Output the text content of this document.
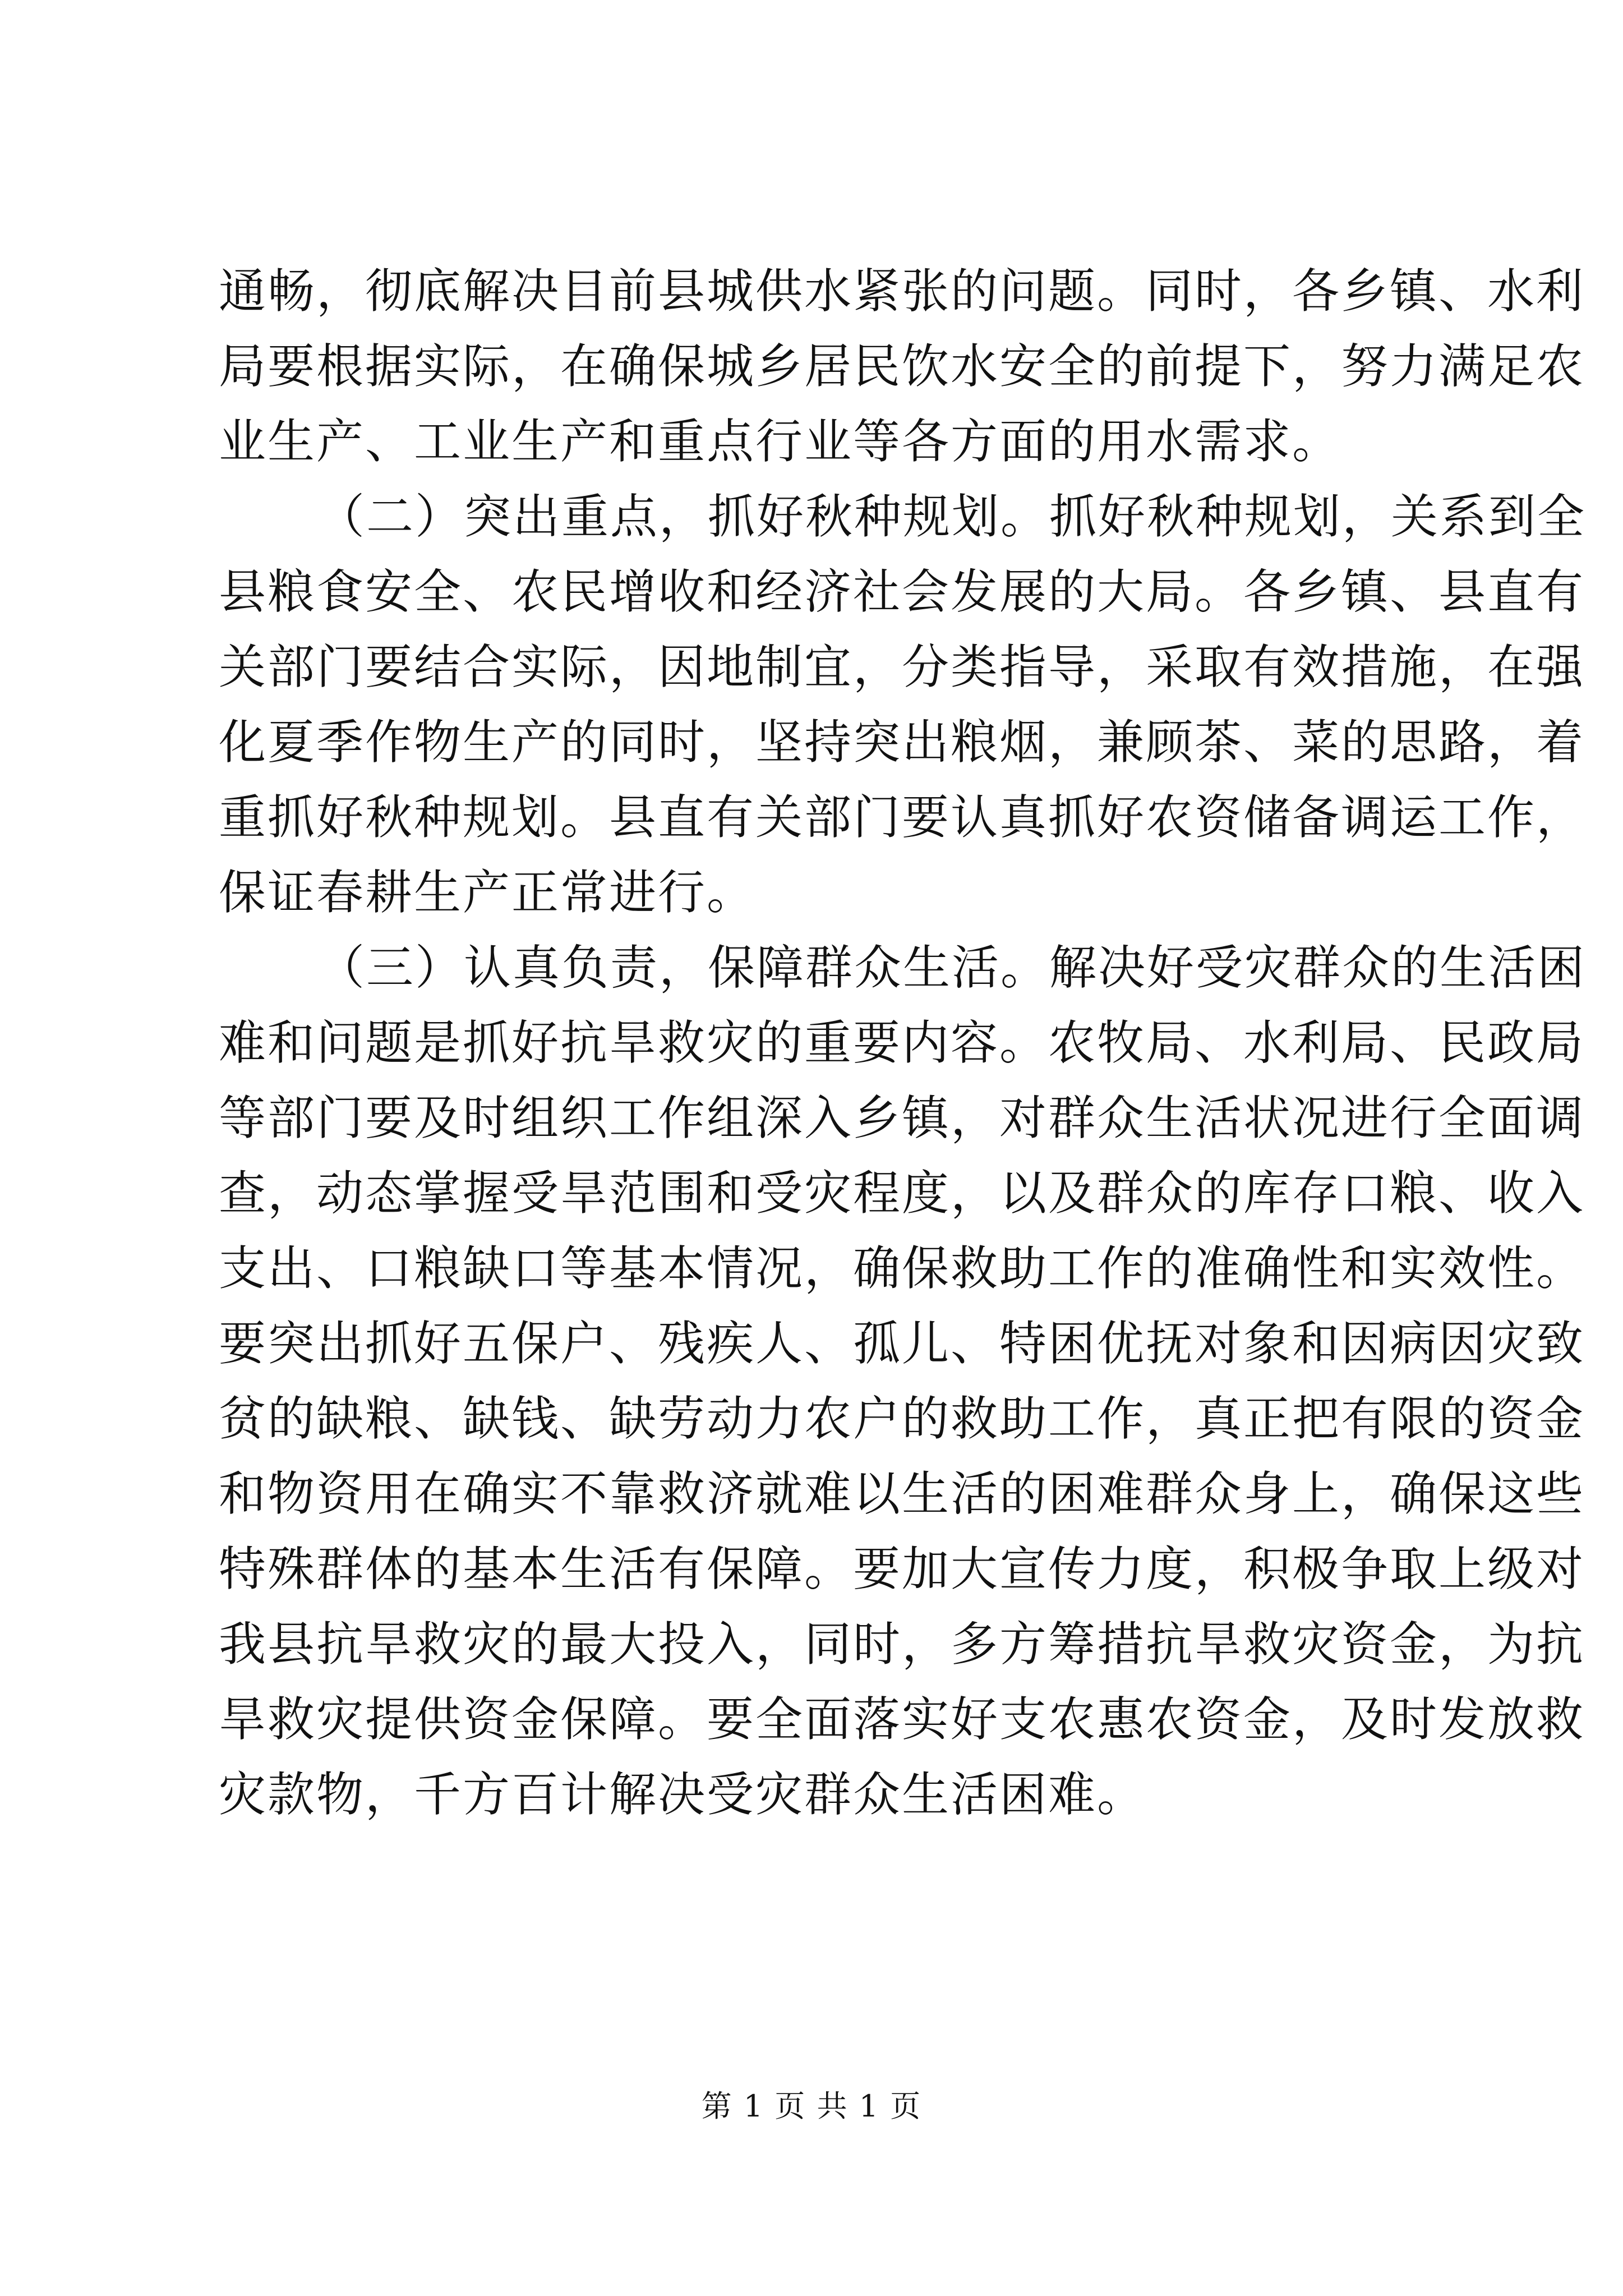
通畅，彻底解决目前县城供水紧张的问题。同时，各乡镇、水利
局要根据实际，在确保城乡居民饮水安全的前提下，努力满足农
业生产、工业生产和重点行业等各方面的用水需求。

（二）突出重点，抓好秋种规划。抓好秋种规划，关系到全
县粮食安全、农民增收和经济社会发展的大局。各乡镇、县直有
关部门要结合实际，因地制宜，分类指导，采取有效措施，在强
化夏季作物生产的同时，坚持突出粮烟，兼顾茶、菜的思路，着
重抓好秋种规划。县直有关部门要认真抓好农资储备调运工作，
保证春耕生产正常进行。

（三）认真负责，保障群众生活。解决好受灾群众的生活困
难和问题是抓好抗旱救灾的重要内容。农牧局、水利局、民政局
等部门要及时组织工作组深入乡镇，对群众生活状况进行全面调
查，动态掌握受旱范围和受灾程度，以及群众的库存口粮、收入
支出、口粮缺口等基本情况，确保救助工作的准确性和实效性。
要突出抓好五保户、残疾人、孤儿、特困优抚对象和因病因灾致
贫的缺粮、缺钱、缺劳动力农户的救助工作，真正把有限的资金
和物资用在确实不靠救济就难以生活的困难群众身上，确保这些
特殊群体的基本生活有保障。要加大宣传力度，积极争取上级对
我县抗旱救灾的最大投入，同时，多方筹措抗旱救灾资金，为抗
旱救灾提供资金保障。要全面落实好支农惠农资金，及时发放救
灾款物，千方百计解决受灾群众生活困难。

第 1 页 共 1 页
